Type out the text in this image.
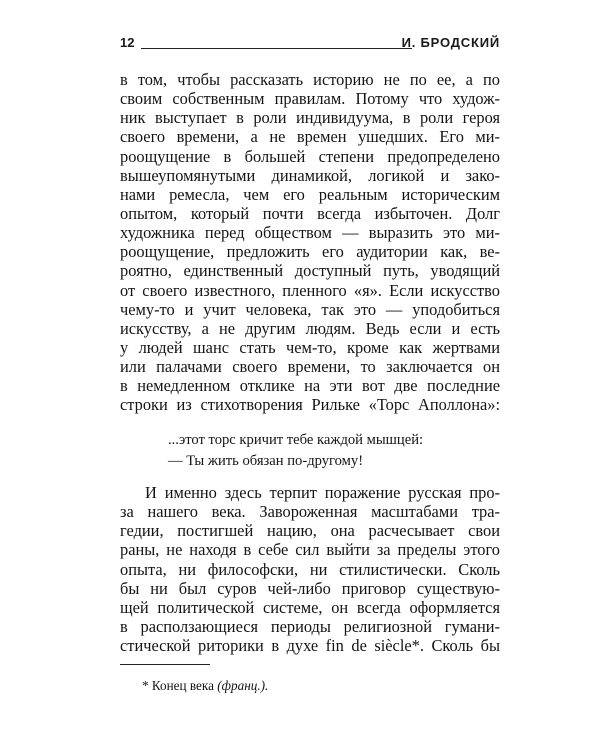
12	И. БРОДСКИЙ
в том, чтобы рассказать историю не по ее, а по
своим собственным правилам. Потому что худож-
ник выступает в роли индивидуума, в роли героя
своего времени, а не времен ушедших. Его ми-
роощущение в большей степени предопределено
вышеупомянутыми динамикой, логикой и зако-
нами ремесла, чем его реальным историческим
опытом, который почти всегда избыточен. Долг
художника перед обществом — выразить это ми-
роощущение, предложить его аудитории как, ве-
роятно, единственный доступный путь, уводящий
от своего известного, пленного «я». Если искусство
чему-то и учит человека, так это — уподобиться
искусству, а не другим людям. Ведь если и есть
у людей шанс стать чем-то, кроме как жертвами
или палачами своего времени, то заключается он
в немедленном отклике на эти вот две последние
строки из стихотворения Рильке «Торс Аполлона»:
...этот торс кричит тебе каждой мышцей:
— Ты жить обязан по-другому!
И именно здесь терпит поражение русская про-
за нашего века. Завороженная масштабами тра-
гедии, постигшей нацию, она расчесывает свои
раны, не находя в себе сил выйти за пределы этого
опыта, ни философски, ни стилистически. Сколь
бы ни был суров чей-либо приговор существую-
щей политической системе, он всегда оформляется
в расползающиеся периоды религиозной гумани-
стической риторики в духе fin de siècle*. Сколь бы
* Конец века (франц.).
